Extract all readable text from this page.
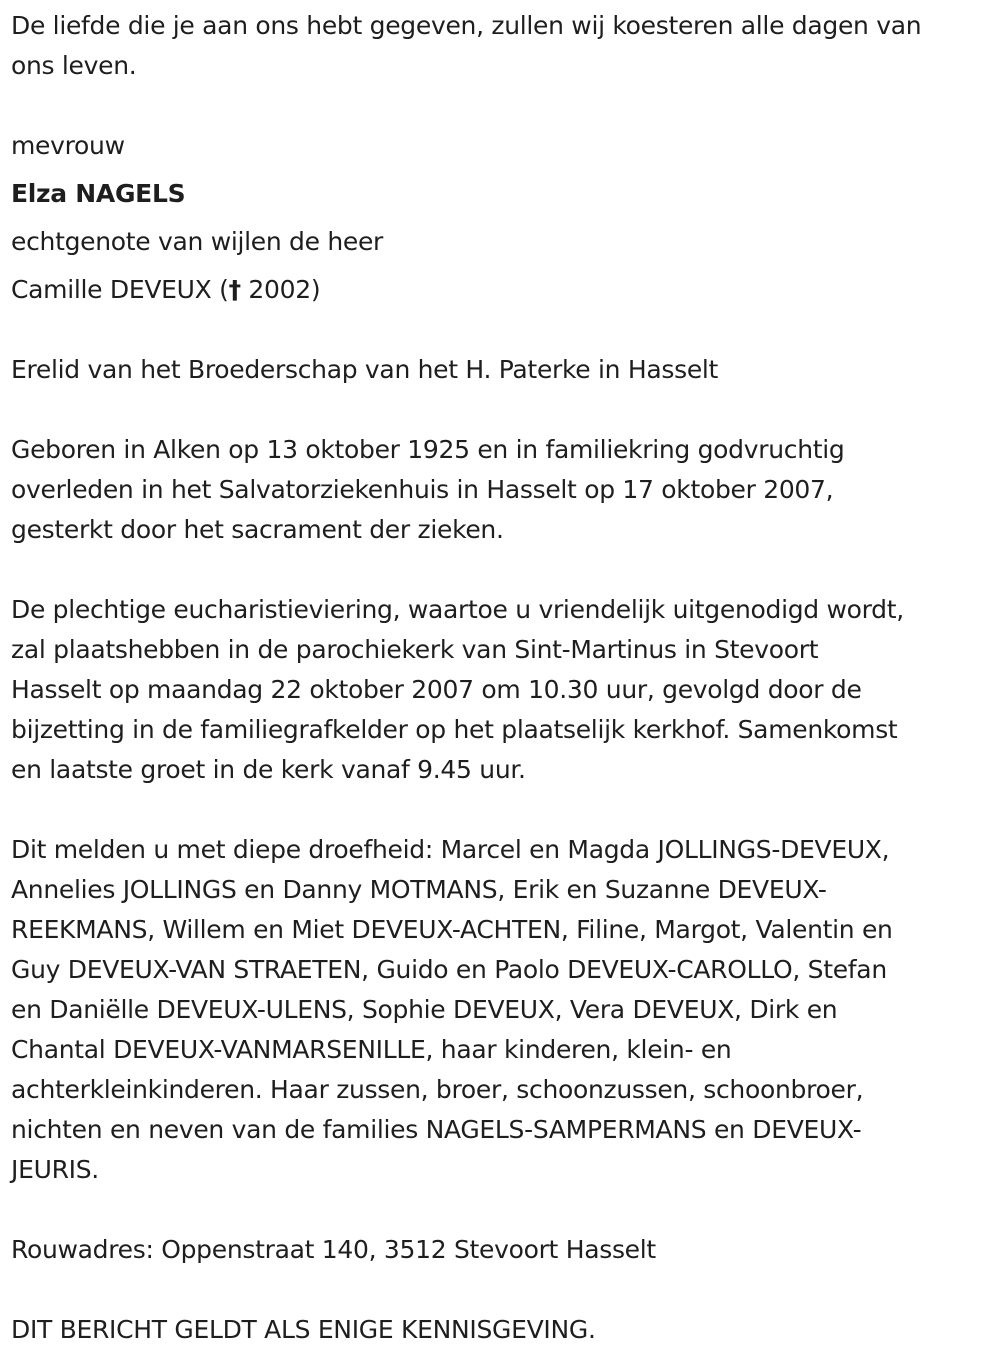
De liefde die je aan ons hebt gegeven, zullen wij koesteren alle dagen van
ons leven.
mevrouw
Elza NAGELS
echtgenote van wijlen de heer
Camille DEVEUX († 2002)
Erelid van het Broederschap van het H. Paterke in Hasselt
Geboren in Alken op 13 oktober 1925 en in familiekring godvruchtig
overleden in het Salvatorziekenhuis in Hasselt op 17 oktober 2007,
gesterkt door het sacrament der zieken.
De plechtige eucharistieviering, waartoe u vriendelijk uitgenodigd wordt,
zal plaatshebben in de parochiekerk van Sint-Martinus in Stevoort
Hasselt op maandag 22 oktober 2007 om 10.30 uur, gevolgd door de
bijzetting in de familiegrafkelder op het plaatselijk kerkhof. Samenkomst
en laatste groet in de kerk vanaf 9.45 uur.
Dit melden u met diepe droefheid: Marcel en Magda JOLLINGS-DEVEUX,
Annelies JOLLINGS en Danny MOTMANS, Erik en Suzanne DEVEUX-
REEKMANS, Willem en Miet DEVEUX-ACHTEN, Filine, Margot, Valentin en
Guy DEVEUX-VAN STRAETEN, Guido en Paolo DEVEUX-CAROLLO, Stefan
en Daniëlle DEVEUX-ULENS, Sophie DEVEUX, Vera DEVEUX, Dirk en
Chantal DEVEUX-VANMARSENILLE, haar kinderen, klein- en
achterkleinkinderen. Haar zussen, broer, schoonzussen, schoonbroer,
nichten en neven van de families NAGELS-SAMPERMANS en DEVEUX-
JEURIS.
Rouwadres: Oppenstraat 140, 3512 Stevoort Hasselt
DIT BERICHT GELDT ALS ENIGE KENNISGEVING.
